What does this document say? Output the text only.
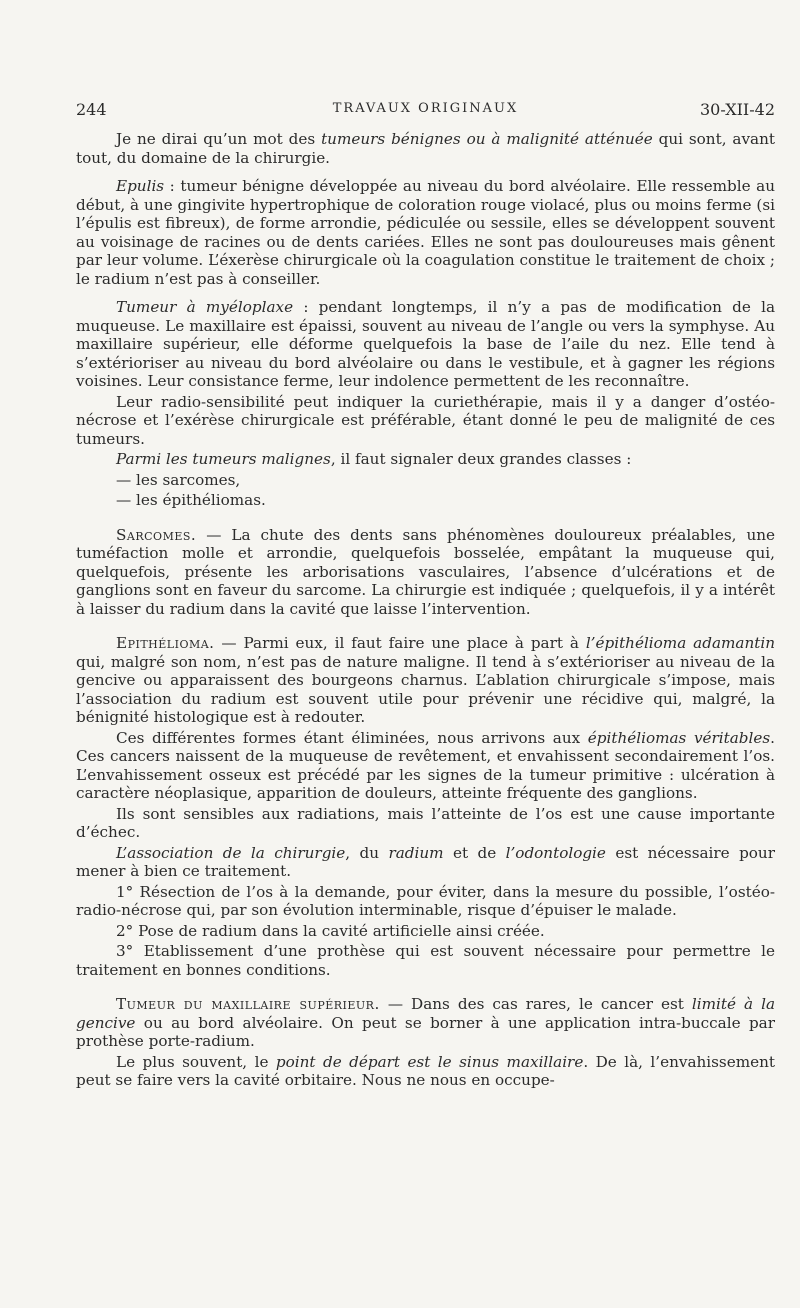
244	TRAVAUX ORIGINAUX	30-XII-42

Je ne dirai qu’un mot des tumeurs bénignes ou à malignité atténuée qui sont, avant tout, du domaine de la chirurgie.

Epulis : tumeur bénigne développée au niveau du bord alvéolaire. Elle ressemble au début, à une gingivite hypertrophique de coloration rouge violacé, plus ou moins ferme (si l’épulis est fibreux), de forme arrondie, pédiculée ou sessile, elles se développent souvent au voisinage de racines ou de dents cariées. Elles ne sont pas douloureuses mais gênent par leur volume. L’éxerèse chirurgicale où la coagulation constitue le traitement de choix ; le radium n’est pas à conseiller.

Tumeur à myéloplaxe : pendant longtemps, il n’y a pas de modification de la muqueuse. Le maxillaire est épaissi, souvent au niveau de l’angle ou vers la symphyse. Au maxillaire supérieur, elle déforme quelquefois la base de l’aile du nez. Elle tend à s’extérioriser au niveau du bord alvéolaire ou dans le vestibule, et à gagner les régions voisines. Leur consistance ferme, leur indolence permettent de les reconnaître.

Leur radio-sensibilité peut indiquer la curiethérapie, mais il y a danger d’ostéo-nécrose et l’exérèse chirurgicale est préférable, étant donné le peu de malignité de ces tumeurs.

Parmi les tumeurs malignes, il faut signaler deux grandes classes :

— les sarcomes,

— les épithéliomas.

Sarcomes. — La chute des dents sans phénomènes douloureux préalables, une tuméfaction molle et arrondie, quelquefois bosselée, empâtant la muqueuse qui, quelquefois, présente les arborisations vasculaires, l’absence d’ulcérations et de ganglions sont en faveur du sarcome. La chirurgie est indiquée ; quelquefois, il y a intérêt à laisser du radium dans la cavité que laisse l’intervention.

Epithélioma. — Parmi eux, il faut faire une place à part à l’épithélioma adamantin qui, malgré son nom, n’est pas de nature maligne. Il tend à s’extérioriser au niveau de la gencive ou apparaissent des bourgeons charnus. L’ablation chirurgicale s’impose, mais l’association du radium est souvent utile pour prévenir une récidive qui, malgré, la bénignité histologique est à redouter.

Ces différentes formes étant éliminées, nous arrivons aux épithéliomas véritables. Ces cancers naissent de la muqueuse de revêtement, et envahissent secondairement l’os. L’envahissement osseux est précédé par les signes de la tumeur primitive : ulcération à caractère néoplasique, apparition de douleurs, atteinte fréquente des ganglions.

Ils sont sensibles aux radiations, mais l’atteinte de l’os est une cause importante d’échec.

L’association de la chirurgie, du radium et de l’odontologie est nécessaire pour mener à bien ce traitement.

1° Résection de l’os à la demande, pour éviter, dans la mesure du possible, l’ostéo-radio-nécrose qui, par son évolution interminable, risque d’épuiser le malade.

2° Pose de radium dans la cavité artificielle ainsi créée.

3° Etablissement d’une prothèse qui est souvent nécessaire pour permettre le traitement en bonnes conditions.

Tumeur du maxillaire supérieur. — Dans des cas rares, le cancer est limité à la gencive ou au bord alvéolaire. On peut se borner à une application intra-buccale par prothèse porte-radium.

Le plus souvent, le point de départ est le sinus maxillaire. De là, l’envahissement peut se faire vers la cavité orbitaire. Nous ne nous en occupe-
